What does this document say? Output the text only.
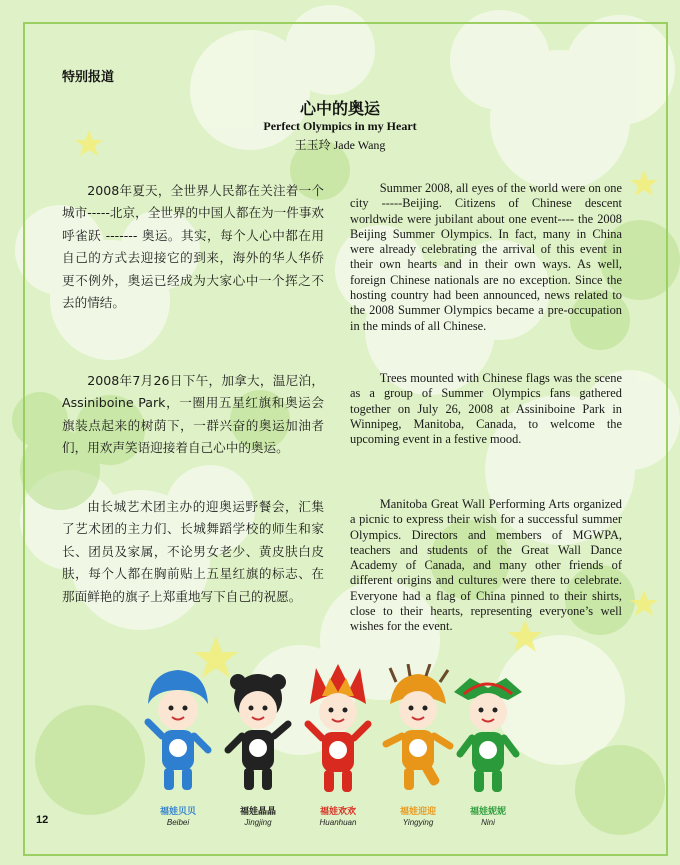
特别报道
心中的奥运
Perfect Olympics in my Heart
王玉玲 Jade Wang
2008年夏天，全世界人民都在关注着一个城市-----北京，全世界的中国人都在为一件事欢呼雀跃 ------- 奥运。其实，每个人心中都在用自己的方式去迎接它的到来，海外的华人华侨更不例外，奥运已经成为大家心中一个挥之不去的情结。
2008年7月26日下午，加拿大，温尼泊，Assiniboine Park，一圈用五星红旗和奥运会旗装点起来的树荫下，一群兴奋的奥运加油者们，用欢声笑语迎接着自己心中的奥运。
由长城艺术团主办的迎奥运野餐会，汇集了艺术团的主力们、长城舞蹈学校的师生和家长、团员及家属，不论男女老少、黄皮肤白皮肤，每个人都在胸前贴上五星红旗的标志、在那面鲜艳的旗子上郑重地写下自己的祝愿。
Summer 2008, all eyes of the world were on one city -----Beijing. Citizens of Chinese descent worldwide were jubilant about one event---- the 2008 Beijing Summer Olympics. In fact, many in China were already celebrating the arrival of this event in their own hearts and in their own ways. As well, foreign Chinese nationals are no exception. Since the hosting country had been announced, news related to the 2008 Summer Olympics became a pre-occupation in the minds of all Chinese.
Trees mounted with Chinese flags was the scene as a group of Summer Olympics fans gathered together on July 26, 2008 at Assiniboine Park in Winnipeg, Manitoba, Canada, to welcome the upcoming event in a festive mood.
Manitoba Great Wall Performing Arts organized a picnic to express their wish for a successful summer Olympics. Directors and members of MGWPA, teachers and students of the Great Wall Dance Academy of Canada, and many other friends of different origins and cultures were there to celebrate. Everyone had a flag of China pinned to their shirts, close to their hearts, representing everyone’s well wishes for the event.
福娃贝贝
Beibei
福娃晶晶
Jingjing
福娃欢欢
Huanhuan
福娃迎迎
Yingying
福娃妮妮
Nini
12
